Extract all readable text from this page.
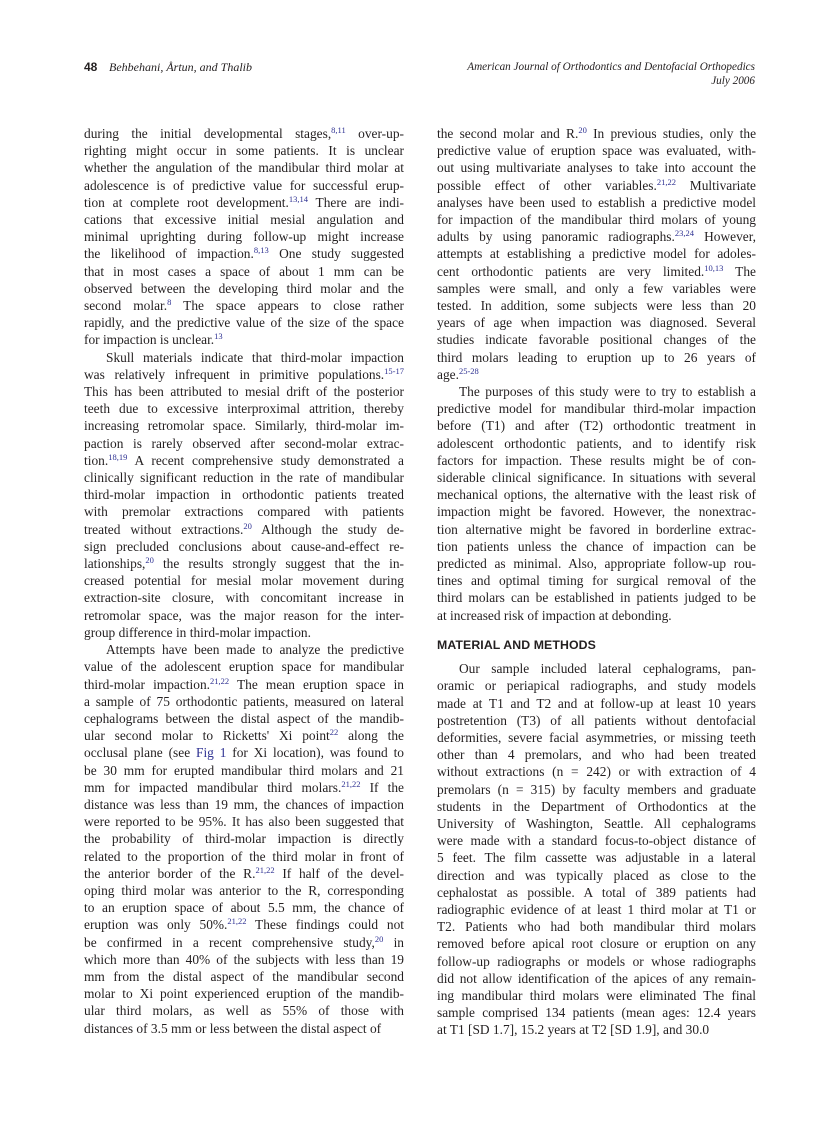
48 Behbehani, Årtun, and Thalib	American Journal of Orthodontics and Dentofacial Orthopedics
July 2006

during the initial developmental stages,$^{8,11}$ over-up-
righting might occur in some patients. It is unclear
whether the angulation of the mandibular third molar at
adolescence is of predictive value for successful erup-
tion at complete root development.$^{13,14}$ There are indi-
cations that excessive initial mesial angulation and
minimal uprighting during follow-up might increase
the likelihood of impaction.$^{8,13}$ One study suggested
that in most cases a space of about 1 mm can be
observed between the developing third molar and the
second molar.$^8$ The space appears to close rather
rapidly, and the predictive value of the size of the space
for impaction is unclear.$^{13}$

Skull materials indicate that third-molar impaction
was relatively infrequent in primitive populations.$^{15-17}$
This has been attributed to mesial drift of the posterior
teeth due to excessive interproximal attrition, thereby
increasing retromolar space. Similarly, third-molar im-
paction is rarely observed after second-molar extrac-
tion.$^{18,19}$ A recent comprehensive study demonstrated a
clinically significant reduction in the rate of mandibular
third-molar impaction in orthodontic patients treated
with premolar extractions compared with patients
treated without extractions.$^{20}$ Although the study de-
sign precluded conclusions about cause-and-effect re-
lationships,$^{20}$ the results strongly suggest that the in-
creased potential for mesial molar movement during
extraction-site closure, with concomitant increase in
retromolar space, was the major reason for the inter-
group difference in third-molar impaction.

Attempts have been made to analyze the predictive
value of the adolescent eruption space for mandibular
third-molar impaction.$^{21,22}$ The mean eruption space in
a sample of 75 orthodontic patients, measured on lateral
cephalograms between the distal aspect of the mandib-
ular second molar to Ricketts' Xi point$^{22}$ along the
occlusal plane (see Fig 1 for Xi location), was found to
be 30 mm for erupted mandibular third molars and 21
mm for impacted mandibular third molars.$^{21,22}$ If the
distance was less than 19 mm, the chances of impaction
were reported to be 95%. It has also been suggested that
the probability of third-molar impaction is directly
related to the proportion of the third molar in front of
the anterior border of the R.$^{21,22}$ If half of the devel-
oping third molar was anterior to the R, corresponding
to an eruption space of about 5.5 mm, the chance of
eruption was only 50%.$^{21,22}$ These findings could not
be confirmed in a recent comprehensive study,$^{20}$ in
which more than 40% of the subjects with less than 19
mm from the distal aspect of the mandibular second
molar to Xi point experienced eruption of the mandib-
ular third molars, as well as 55% of those with
distances of 3.5 mm or less between the distal aspect of

the second molar and R.$^{20}$ In previous studies, only the
predictive value of eruption space was evaluated, with-
out using multivariate analyses to take into account the
possible effect of other variables.$^{21,22}$ Multivariate
analyses have been used to establish a predictive model
for impaction of the mandibular third molars of young
adults by using panoramic radiographs.$^{23,24}$ However,
attempts at establishing a predictive model for adoles-
cent orthodontic patients are very limited.$^{10,13}$ The
samples were small, and only a few variables were
tested. In addition, some subjects were less than 20
years of age when impaction was diagnosed. Several
studies indicate favorable positional changes of the
third molars leading to eruption up to 26 years of
age.$^{25-28}$

The purposes of this study were to try to establish a
predictive model for mandibular third-molar impaction
before (T1) and after (T2) orthodontic treatment in
adolescent orthodontic patients, and to identify risk
factors for impaction. These results might be of con-
siderable clinical significance. In situations with several
mechanical options, the alternative with the least risk of
impaction might be favored. However, the nonextrac-
tion alternative might be favored in borderline extrac-
tion patients unless the chance of impaction can be
predicted as minimal. Also, appropriate follow-up rou-
tines and optimal timing for surgical removal of the
third molars can be established in patients judged to be
at increased risk of impaction at debonding.

MATERIAL AND METHODS

Our sample included lateral cephalograms, pan-
oramic or periapical radiographs, and study models
made at T1 and T2 and at follow-up at least 10 years
postretention (T3) of all patients without dentofacial
deformities, severe facial asymmetries, or missing teeth
other than 4 premolars, and who had been treated
without extractions (n = 242) or with extraction of 4
premolars (n = 315) by faculty members and graduate
students in the Department of Orthodontics at the
University of Washington, Seattle. All cephalograms
were made with a standard focus-to-object distance of
5 feet. The film cassette was adjustable in a lateral
direction and was typically placed as close to the
cephalostat as possible. A total of 389 patients had
radiographic evidence of at least 1 third molar at T1 or
T2. Patients who had both mandibular third molars
removed before apical root closure or eruption on any
follow-up radiographs or models or whose radiographs
did not allow identification of the apices of any remain-
ing mandibular third molars were eliminated The final
sample comprised 134 patients (mean ages: 12.4 years
at T1 [SD 1.7], 15.2 years at T2 [SD 1.9], and 30.0
